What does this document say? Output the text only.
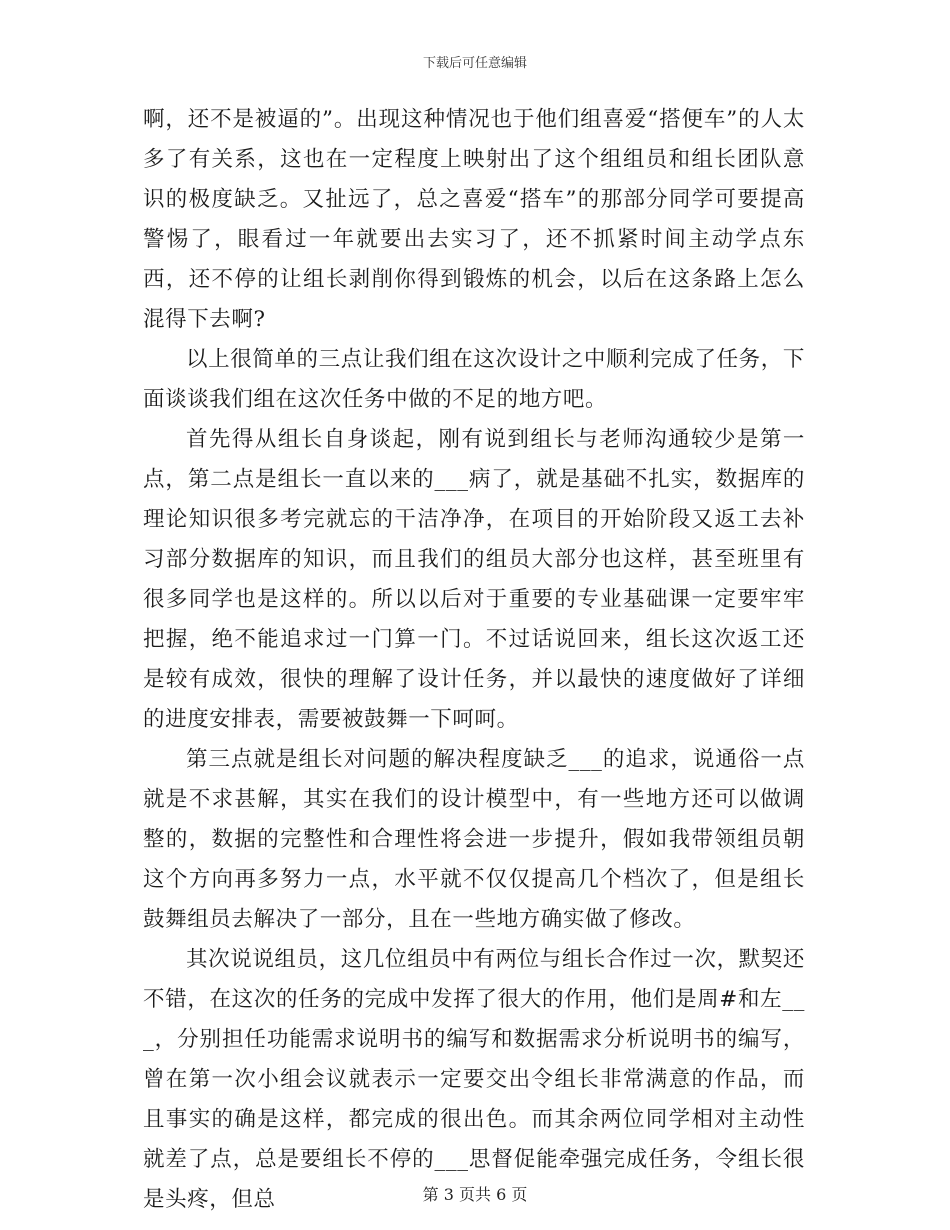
下载后可任意编辑

啊，还不是被逼的”。出现这种情况也于他们组喜爱“搭便车”的人太多了有关系，这也在一定程度上映射出了这个组组员和组长团队意识的极度缺乏。又扯远了，总之喜爱“搭车”的那部分同学可要提高警惕了，眼看过一年就要出去实习了，还不抓紧时间主动学点东西，还不停的让组长剥削你得到锻炼的机会，以后在这条路上怎么混得下去啊?

以上很简单的三点让我们组在这次设计之中顺利完成了任务，下面谈谈我们组在这次任务中做的不足的地方吧。

首先得从组长自身谈起，刚有说到组长与老师沟通较少是第一点，第二点是组长一直以来的___病了，就是基础不扎实，数据库的理论知识很多考完就忘的干洁净净，在项目的开始阶段又返工去补习部分数据库的知识，而且我们的组员大部分也这样，甚至班里有很多同学也是这样的。所以以后对于重要的专业基础课一定要牢牢把握，绝不能追求过一门算一门。不过话说回来，组长这次返工还是较有成效，很快的理解了设计任务，并以最快的速度做好了详细的进度安排表，需要被鼓舞一下呵呵。

第三点就是组长对问题的解决程度缺乏___的追求，说通俗一点就是不求甚解，其实在我们的设计模型中，有一些地方还可以做调整的，数据的完整性和合理性将会进一步提升，假如我带领组员朝这个方向再多努力一点，水平就不仅仅提高几个档次了，但是组长鼓舞组员去解决了一部分，且在一些地方确实做了修改。

其次说说组员，这几位组员中有两位与组长合作过一次，默契还不错，在这次的任务的完成中发挥了很大的作用，他们是周#和左___，分别担任功能需求说明书的编写和数据需求分析说明书的编写，曾在第一次小组会议就表示一定要交出令组长非常满意的作品，而且事实的确是这样，都完成的很出色。而其余两位同学相对主动性就差了点，总是要组长不停的___思督促能牵强完成任务，令组长很是头疼，但总	第 3 页共 6 页
